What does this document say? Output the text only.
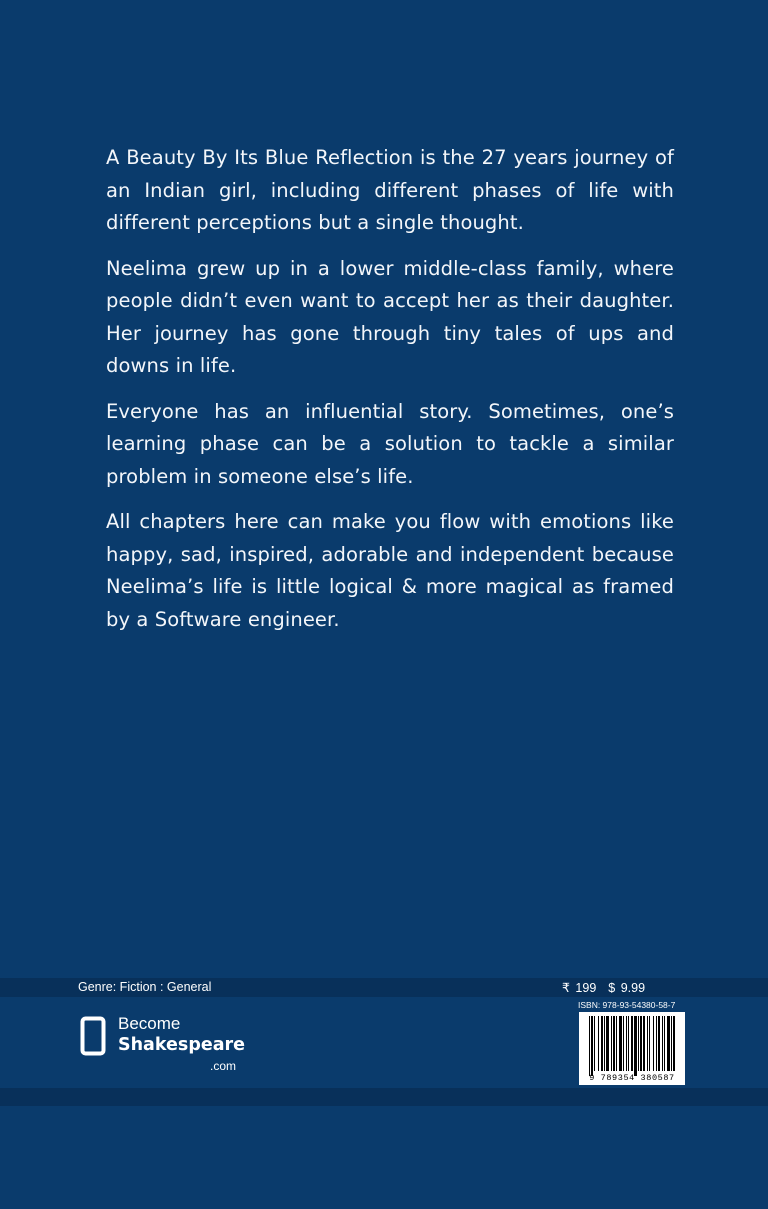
A Beauty By Its Blue Reflection is the 27 years journey of an Indian girl, including different phases of life with different perceptions but a single thought.

Neelima grew up in a lower middle-class family, where people didn’t even want to accept her as their daughter. Her journey has gone through tiny tales of ups and downs in life.

Everyone has an influential story. Sometimes, one’s learning phase can be a solution to tackle a similar problem in someone else’s life.

All chapters here can make you flow with emotions like happy, sad, inspired, adorable and independent because Neelima’s life is little logical & more magical as framed by a Software engineer.

Genre: Fiction : General	₹ 199 $ 9.99
ISBN: 978-93-54380-58-7
9 789354 380587
Become
Shakespeare
.com
